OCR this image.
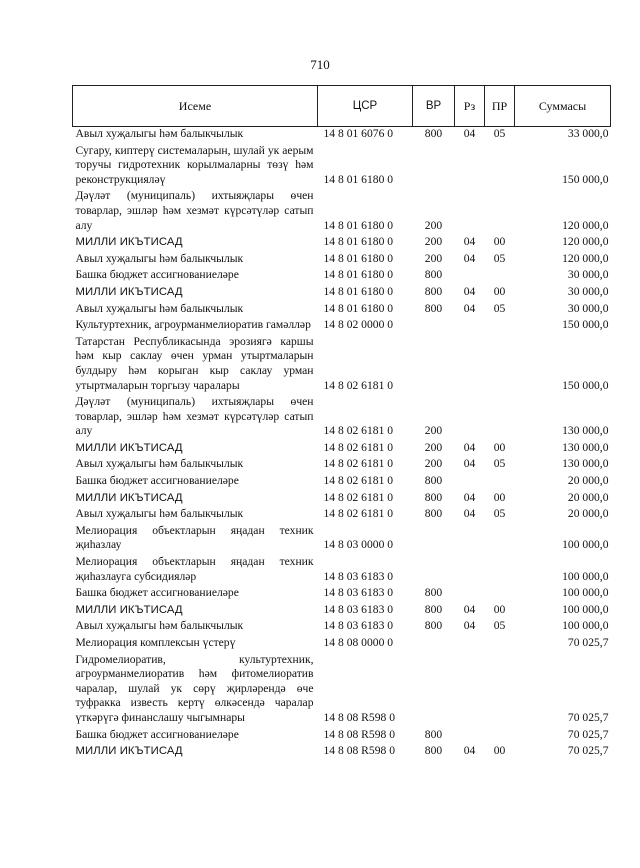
710
Исеме	ЦСР	ВР	Рз	ПР	Суммасы
Авыл хуҗалыгы һәм балыкчылык	14 8 01 6076 0	800	04	05	33 000,0
Сугару, киптерү системаларын, шулай ук аерым торучы гидротехник корылмаларны төзү һәм реконструкцияләү	14 8 01 6180 0				150 000,0
Дәүләт (муниципаль) ихтыяҗлары өчен товарлар, эшләр һәм хезмәт күрсәтүләр сатып алу	14 8 01 6180 0	200			120 000,0
МИЛЛИ ИКЪТИСАД	14 8 01 6180 0	200	04	00	120 000,0
Авыл хуҗалыгы һәм балыкчылык	14 8 01 6180 0	200	04	05	120 000,0
Башка бюджет ассигнованиеләре	14 8 01 6180 0	800			30 000,0
МИЛЛИ ИКЪТИСАД	14 8 01 6180 0	800	04	00	30 000,0
Авыл хуҗалыгы һәм балыкчылык	14 8 01 6180 0	800	04	05	30 000,0
Культуртехник, агроурманмелиоратив гамәлләр	14 8 02 0000 0				150 000,0
Татарстан Республикасында эрозиягә каршы һәм кыр саклау өчен урман утыртмаларын булдыру һәм корыган кыр саклау урман утыртмаларын торгызу чаралары	14 8 02 6181 0				150 000,0
Дәүләт (муниципаль) ихтыяҗлары өчен товарлар, эшләр һәм хезмәт күрсәтүләр сатып алу	14 8 02 6181 0	200			130 000,0
МИЛЛИ ИКЪТИСАД	14 8 02 6181 0	200	04	00	130 000,0
Авыл хуҗалыгы һәм балыкчылык	14 8 02 6181 0	200	04	05	130 000,0
Башка бюджет ассигнованиеләре	14 8 02 6181 0	800			20 000,0
МИЛЛИ ИКЪТИСАД	14 8 02 6181 0	800	04	00	20 000,0
Авыл хуҗалыгы һәм балыкчылык	14 8 02 6181 0	800	04	05	20 000,0
Мелиорация объектларын яңадан техник җиһазлау	14 8 03 0000 0				100 000,0
Мелиорация объектларын яңадан техник җиһазлауга субсидияләр	14 8 03 6183 0				100 000,0
Башка бюджет ассигнованиеләре	14 8 03 6183 0	800			100 000,0
МИЛЛИ ИКЪТИСАД	14 8 03 6183 0	800	04	00	100 000,0
Авыл хуҗалыгы һәм балыкчылык	14 8 03 6183 0	800	04	05	100 000,0
Мелиорация комплексын үстерү	14 8 08 0000 0				70 025,7
Гидромелиоратив, культуртехник, агроурманмелиоратив һәм фитомелиоратив чаралар, шулай ук сөрү җирләрендә өче туфракка известь кертү өлкәсендә чаралар үткәрүгә финанслашу чыгымнары	14 8 08 R598 0				70 025,7
Башка бюджет ассигнованиеләре	14 8 08 R598 0	800			70 025,7
МИЛЛИ ИКЪТИСАД	14 8 08 R598 0	800	04	00	70 025,7
